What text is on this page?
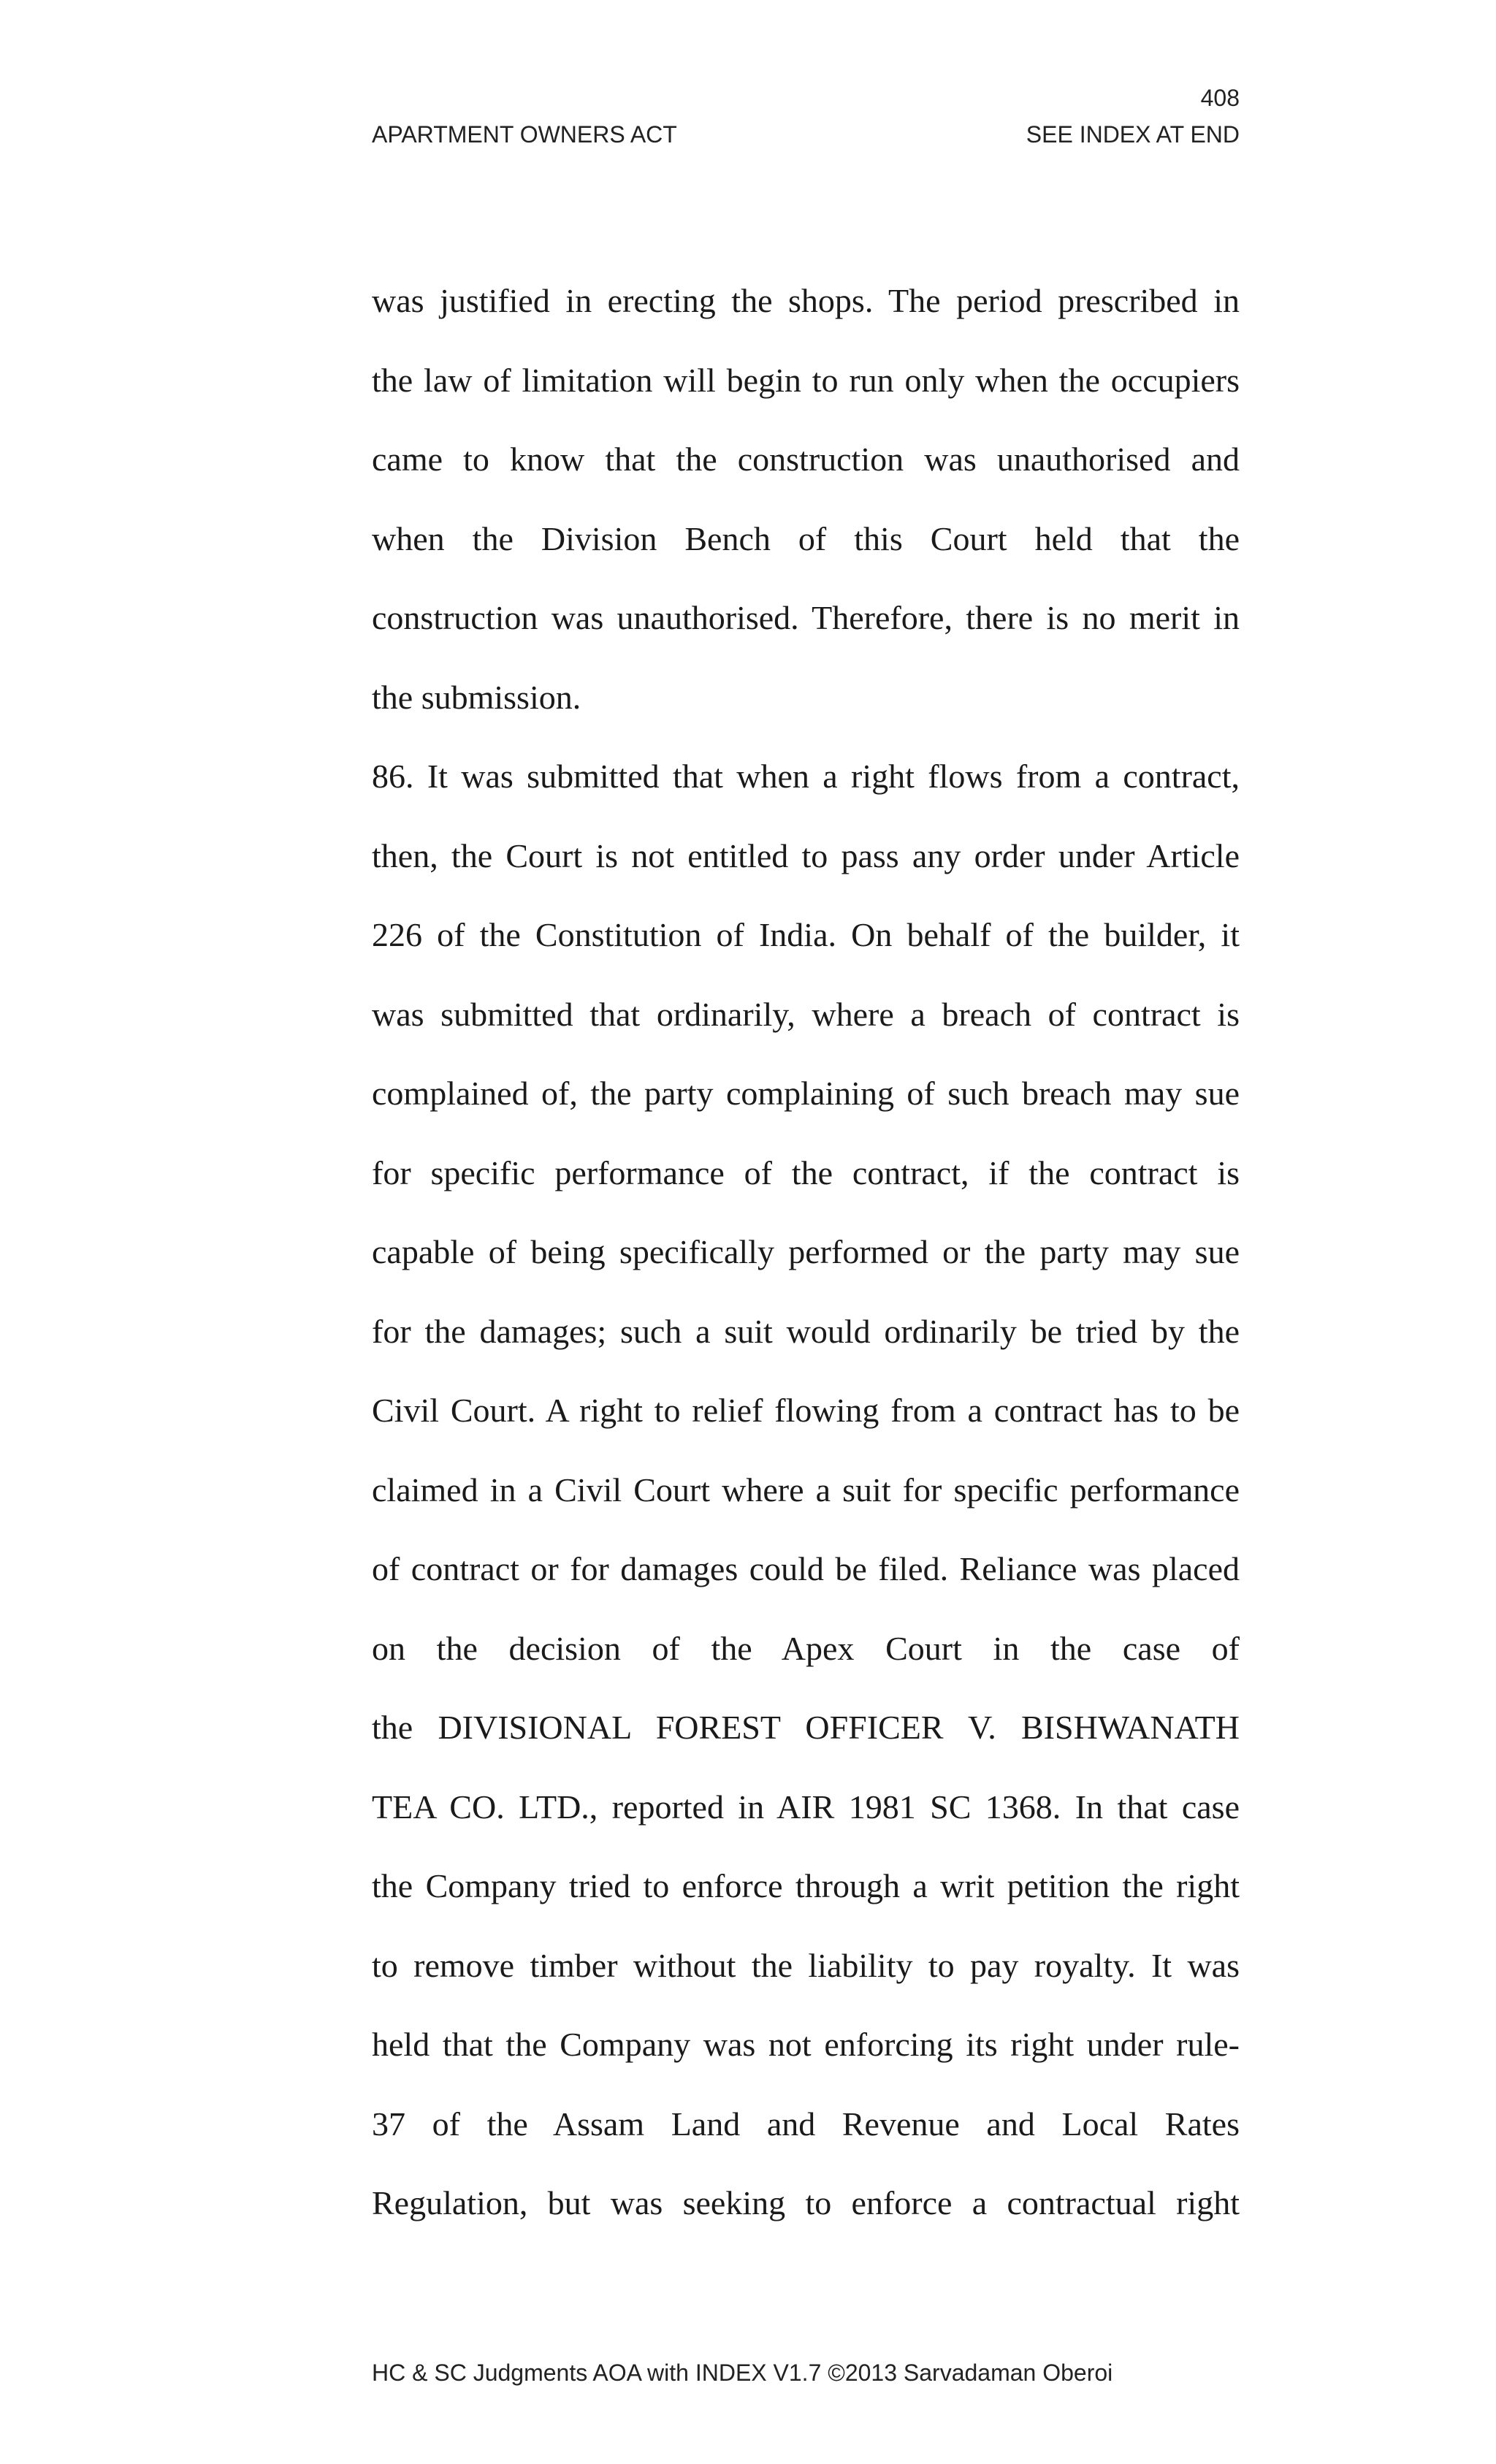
408
APARTMENT OWNERS ACT	SEE INDEX AT END
was justified in erecting the shops. The period prescribed in
the law of limitation will begin to run only when the occupiers
came to know that the construction was unauthorised and
when the Division Bench of this Court held that the
construction was unauthorised. Therefore, there is no merit in
the submission.
86. It was submitted that when a right flows from a contract,
then, the Court is not entitled to pass any order under Article
226 of the Constitution of India. On behalf of the builder, it
was submitted that ordinarily, where a breach of contract is
complained of, the party complaining of such breach may sue
for specific performance of the contract, if the contract is
capable of being specifically performed or the party may sue
for the damages; such a suit would ordinarily be tried by the
Civil Court. A right to relief flowing from a contract has to be
claimed in a Civil Court where a suit for specific performance
of contract or for damages could be filed. Reliance was placed
on the decision of the Apex Court in the case of
the DIVISIONAL FOREST OFFICER V. BISHWANATH
TEA CO. LTD., reported in AIR 1981 SC 1368. In that case
the Company tried to enforce through a writ petition the right
to remove timber without the liability to pay royalty. It was
held that the Company was not enforcing its right under rule-
37 of the Assam Land and Revenue and Local Rates
Regulation, but was seeking to enforce a contractual right
HC & SC Judgments AOA with INDEX V1.7 ©2013 Sarvadaman Oberoi
